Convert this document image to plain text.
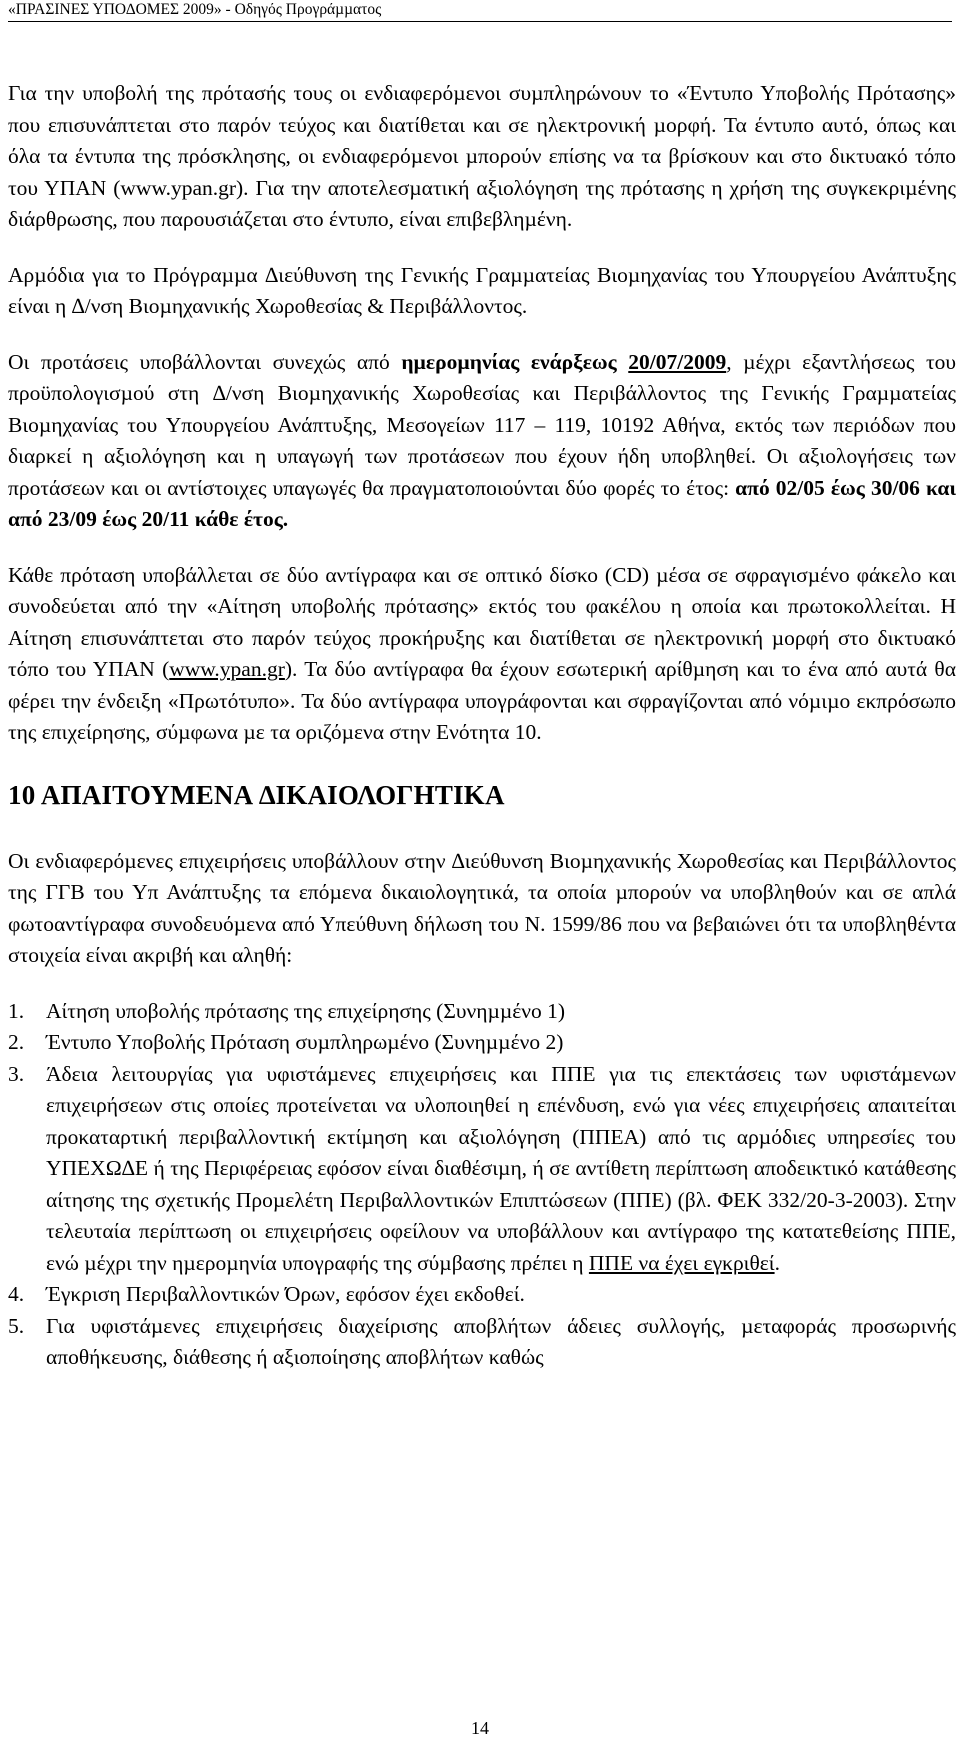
«ΠΡΑΣΙΝΕΣ ΥΠΟ∆ΟΜΕΣ 2009» - Οδηγός Προγράµµατος

Για την υποβολή της πρότασής τους οι ενδιαφερόµενοι συµπληρώνουν το «Έντυπο Υποβολής Πρότασης» που επισυνάπτεται στο παρόν τεύχος και διατίθεται και σε ηλεκτρονική µορφή. Τα έντυπο αυτό, όπως και όλα τα έντυπα της πρόσκλησης, οι ενδιαφερόµενοι µπορούν επίσης να τα βρίσκουν και στο δικτυακό τόπο του ΥΠΑΝ (www.ypan.gr). Για την αποτελεσµατική αξιολόγηση της πρότασης η χρήση της συγκεκριµένης διάρθρωσης, που παρουσιάζεται στο έντυπο, είναι επιβεβληµένη.

Αρµόδια για το Πρόγραµµα ∆ιεύθυνση της Γενικής Γραµµατείας Βιοµηχανίας του Υπουργείου Ανάπτυξης είναι η ∆/νση Βιοµηχανικής Χωροθεσίας & Περιβάλλοντος.

Οι προτάσεις υποβάλλονται συνεχώς από ηµεροµηνίας ενάρξεως 20/07/2009, µέχρι εξαντλήσεως του προϋπολογισµού στη ∆/νση Βιοµηχανικής Χωροθεσίας και Περιβάλλοντος της Γενικής Γραµµατείας Βιοµηχανίας του Υπουργείου Ανάπτυξης, Μεσογείων 117 – 119, 10192 Αθήνα, εκτός των περιόδων που διαρκεί η αξιολόγηση και η υπαγωγή των προτάσεων που έχουν ήδη υποβληθεί. Οι αξιολογήσεις των προτάσεων και οι αντίστοιχες υπαγωγές θα πραγµατοποιούνται δύο φορές το έτος: από 02/05 έως 30/06 και από 23/09 έως 20/11 κάθε έτος.

Κάθε πρόταση υποβάλλεται σε δύο αντίγραφα και σε οπτικό δίσκο (CD) µέσα σε σφραγισµένο φάκελο και συνοδεύεται από την «Αίτηση υποβολής πρότασης» εκτός του φακέλου η οποία και πρωτοκολλείται. Η Αίτηση επισυνάπτεται στο παρόν τεύχος προκήρυξης και διατίθεται σε ηλεκτρονική µορφή στο δικτυακό τόπο του ΥΠΑΝ (www.ypan.gr). Τα δύο αντίγραφα θα έχουν εσωτερική αρίθµηση και το ένα από αυτά θα φέρει την ένδειξη «Πρωτότυπο». Τα δύο αντίγραφα υπογράφονται και σφραγίζονται από νόµιµο εκπρόσωπο της επιχείρησης, σύµφωνα µε τα οριζόµενα στην Ενότητα 10.

10 ΑΠΑΙΤΟΥΜΕΝΑ ∆ΙΚΑΙΟΛΟΓΗΤΙΚΑ

Οι ενδιαφερόµενες επιχειρήσεις υποβάλλουν στην ∆ιεύθυνση Βιοµηχανικής Χωροθεσίας και Περιβάλλοντος της ΓΓΒ του Υπ Ανάπτυξης τα επόµενα δικαιολογητικά, τα οποία µπορούν να υποβληθούν και σε απλά φωτοαντίγραφα συνοδευόµενα από Υπεύθυνη δήλωση του Ν. 1599/86 που να βεβαιώνει ότι τα υποβληθέντα στοιχεία είναι ακριβή και αληθή:

1. Αίτηση υποβολής πρότασης της επιχείρησης (Συνηµµένο 1)
2. Έντυπο Υποβολής Πρόταση συµπληρωµένο (Συνηµµένο 2)
3. Άδεια λειτουργίας για υφιστάµενες επιχειρήσεις και ΠΠΕ για τις επεκτάσεις των υφιστάµενων επιχειρήσεων στις οποίες προτείνεται να υλοποιηθεί η επένδυση, ενώ για νέες επιχειρήσεις απαιτείται προκαταρτική περιβαλλοντική εκτίµηση και αξιολόγηση (ΠΠΕΑ) από τις αρµόδιες υπηρεσίες του ΥΠΕΧΩ∆Ε ή της Περιφέρειας εφόσον είναι διαθέσιµη, ή σε αντίθετη περίπτωση αποδεικτικό κατάθεσης αίτησης της σχετικής Προµελέτη Περιβαλλοντικών Επιπτώσεων (ΠΠΕ) (βλ. ΦΕΚ 332/20-3-2003). Στην τελευταία περίπτωση οι επιχειρήσεις οφείλουν να υποβάλλουν και αντίγραφο της κατατεθείσης ΠΠΕ, ενώ µέχρι την ηµεροµηνία υπογραφής της σύµβασης πρέπει η ΠΠΕ να έχει εγκριθεί.
4. Έγκριση Περιβαλλοντικών Όρων, εφόσον έχει εκδοθεί.
5. Για υφιστάµενες επιχειρήσεις διαχείρισης αποβλήτων άδειες συλλογής, µεταφοράς προσωρινής αποθήκευσης, διάθεσης ή αξιοποίησης αποβλήτων καθώς
14
